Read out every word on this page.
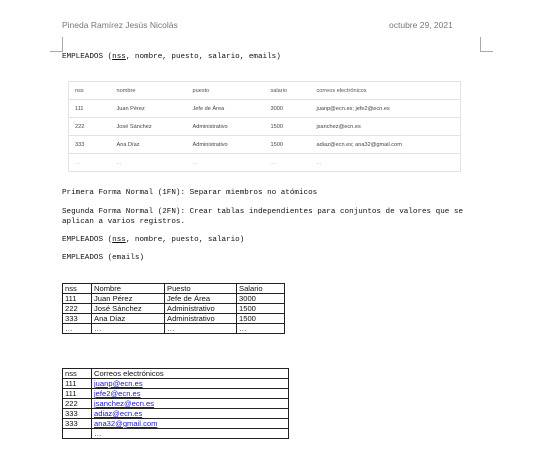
Pineda Ramírez Jesús Nicolás	octubre 29, 2021
EMPLEADOS (nss, nombre, puesto, salario, emails)
nss	nombre	puesto	salario	correos electrónicos
111	Juan Pérez	Jefe de Área	3000	juanp@ecn.es; jefe2@ecn.es
222	José Sánchez	Administrativo	1500	jsanchez@ecn.es
333	Ana Díaz	Administrativo	1500	adiaz@ecn.es; ana32@gmail.com
...	...	...	...	...
Primera Forma Normal (1FN): Separar miembros no atómicos
Segunda Forma Normal (2FN): Crear tablas independientes para conjuntos de valores que se
aplican a varios registros.
EMPLEADOS (nss, nombre, puesto, salario)
EMPLEADOS (emails)
nss	Nombre	Puesto	Salario
111	Juan Pérez	Jefe de Área	3000
222	José Sánchez	Administrativo	1500
333	Ana Díaz	Administrativo	1500
…	…	…	…
nss	Correos electrónicos
111	juanp@ecn.es
111	jefe2@ecn.es
222	jsanchez@ecn.es
333	adiaz@ecn.es
333	ana32@gmail.com
	…
